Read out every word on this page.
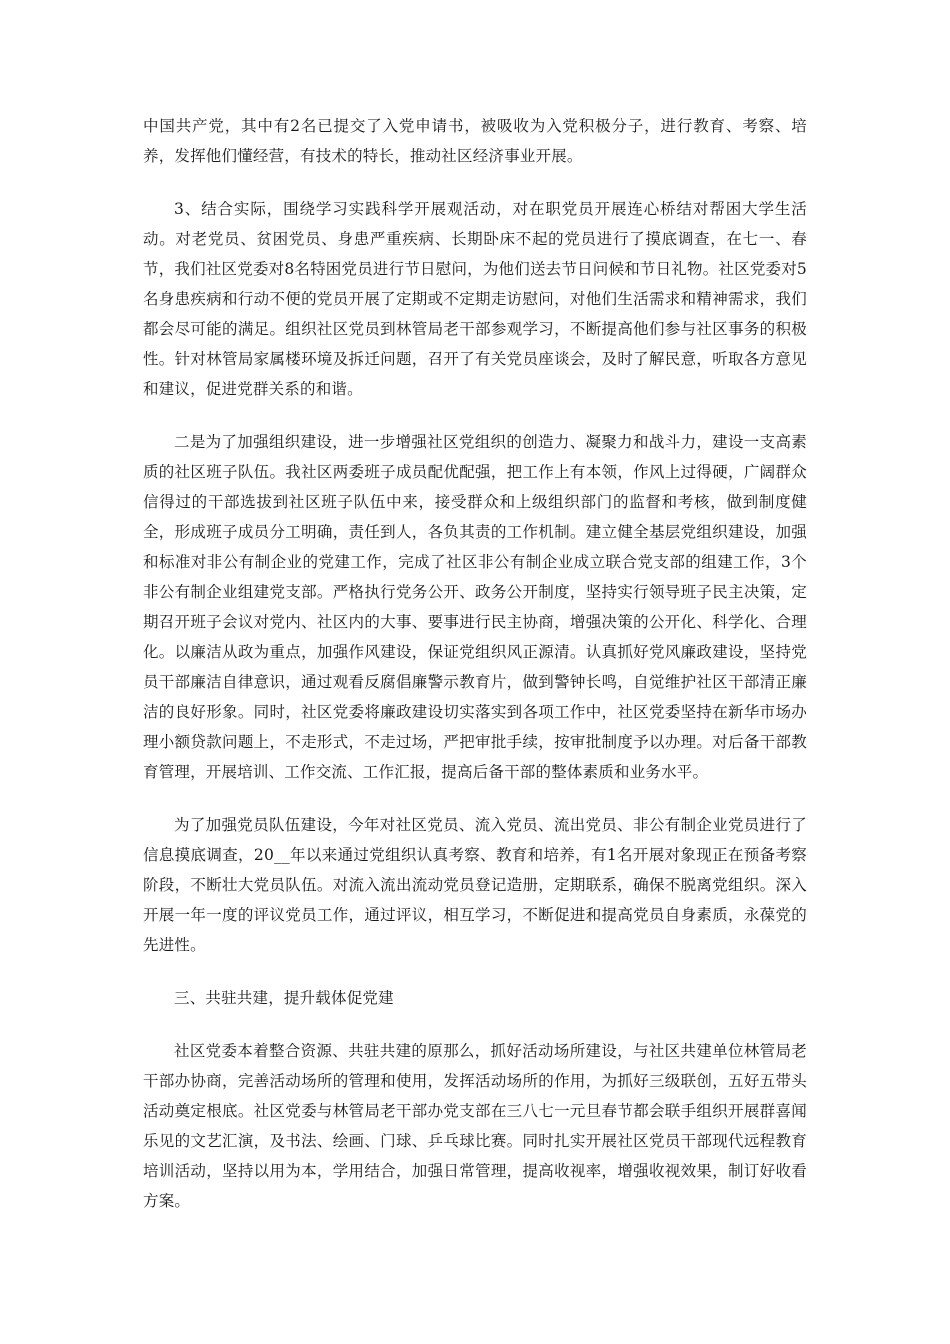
中国共产党，其中有2名已提交了入党申请书，被吸收为入党积极分子，进行教育、考察、培养，发挥他们懂经营，有技术的特长，推动社区经济事业开展。

3、结合实际，围绕学习实践科学开展观活动，对在职党员开展连心桥结对帮困大学生活动。对老党员、贫困党员、身患严重疾病、长期卧床不起的党员进行了摸底调查，在七一、春节，我们社区党委对8名特困党员进行节日慰问，为他们送去节日问候和节日礼物。社区党委对5名身患疾病和行动不便的党员开展了定期或不定期走访慰问，对他们生活需求和精神需求，我们都会尽可能的满足。组织社区党员到林管局老干部参观学习，不断提高他们参与社区事务的积极性。针对林管局家属楼环境及拆迁问题，召开了有关党员座谈会，及时了解民意，听取各方意见和建议，促进党群关系的和谐。

二是为了加强组织建设，进一步增强社区党组织的创造力、凝聚力和战斗力，建设一支高素质的社区班子队伍。我社区两委班子成员配优配强，把工作上有本领，作风上过得硬，广阔群众信得过的干部选拔到社区班子队伍中来，接受群众和上级组织部门的监督和考核，做到制度健全，形成班子成员分工明确，责任到人，各负其责的工作机制。建立健全基层党组织建设，加强和标准对非公有制企业的党建工作，完成了社区非公有制企业成立联合党支部的组建工作，3个非公有制企业组建党支部。严格执行党务公开、政务公开制度，坚持实行领导班子民主决策，定期召开班子会议对党内、社区内的大事、要事进行民主协商，增强决策的公开化、科学化、合理化。以廉洁从政为重点，加强作风建设，保证党组织风正源清。认真抓好党风廉政建设，坚持党员干部廉洁自律意识，通过观看反腐倡廉警示教育片，做到警钟长鸣，自觉维护社区干部清正廉洁的良好形象。同时，社区党委将廉政建设切实落实到各项工作中，社区党委坚持在新华市场办理小额贷款问题上，不走形式，不走过场，严把审批手续，按审批制度予以办理。对后备干部教育管理，开展培训、工作交流、工作汇报，提高后备干部的整体素质和业务水平。

为了加强党员队伍建设，今年对社区党员、流入党员、流出党员、非公有制企业党员进行了信息摸底调查，20__年以来通过党组织认真考察、教育和培养，有1名开展对象现正在预备考察阶段，不断壮大党员队伍。对流入流出流动党员登记造册，定期联系，确保不脱离党组织。深入开展一年一度的评议党员工作，通过评议，相互学习，不断促进和提高党员自身素质，永葆党的先进性。

三、共驻共建，提升载体促党建

社区党委本着整合资源、共驻共建的原那么，抓好活动场所建设，与社区共建单位林管局老干部办协商，完善活动场所的管理和使用，发挥活动场所的作用，为抓好三级联创，五好五带头活动奠定根底。社区党委与林管局老干部办党支部在三八七一元旦春节都会联手组织开展群喜闻乐见的文艺汇演，及书法、绘画、门球、乒乓球比赛。同时扎实开展社区党员干部现代远程教育培训活动，坚持以用为本，学用结合，加强日常管理，提高收视率，增强收视效果，制订好收看方案。
